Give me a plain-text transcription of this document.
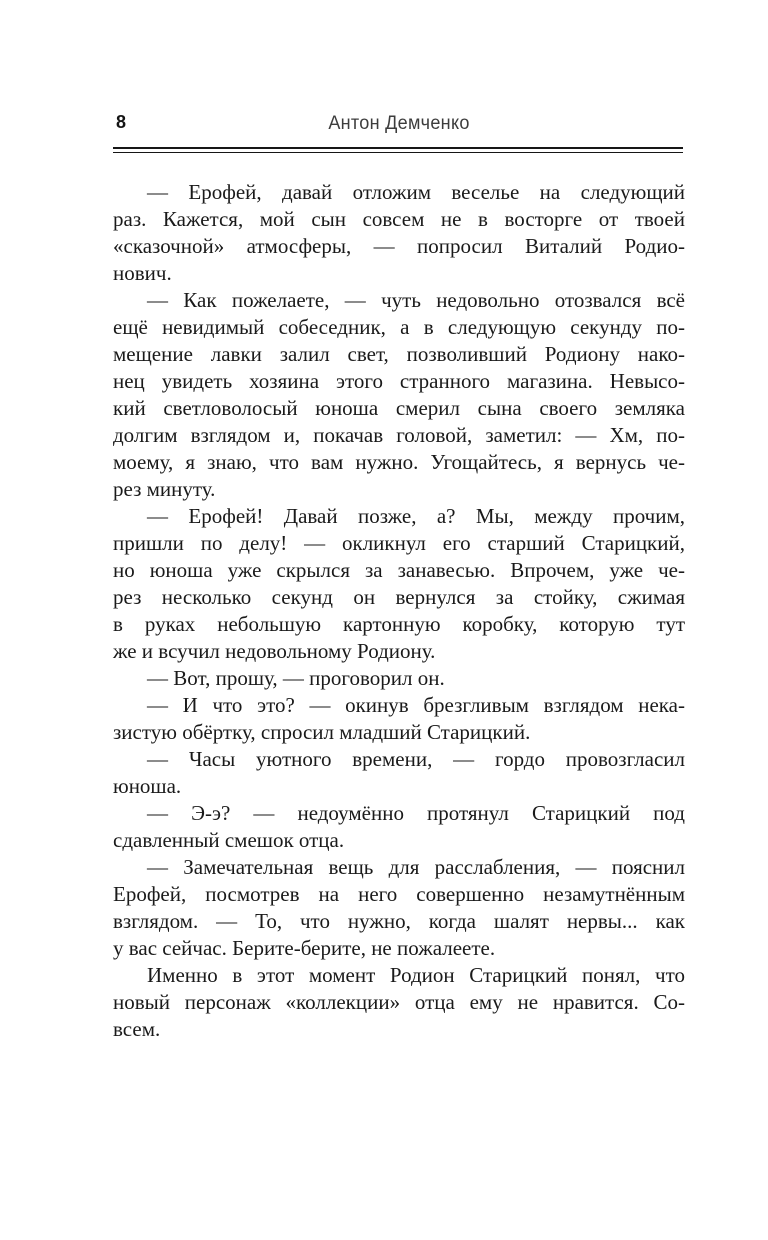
8	Антон Демченко
— Ерофей, давай отложим веселье на следующий
раз. Кажется, мой сын совсем не в восторге от твоей
«сказочной» атмосферы, — попросил Виталий Родио-
нович.
— Как пожелаете, — чуть недовольно отозвался всё
ещё невидимый собеседник, а в следующую секунду по-
мещение лавки залил свет, позволивший Родиону нако-
нец увидеть хозяина этого странного магазина. Невысо-
кий светловолосый юноша смерил сына своего земляка
долгим взглядом и, покачав головой, заметил: — Хм, по-
моему, я знаю, что вам нужно. Угощайтесь, я вернусь че-
рез минуту.
— Ерофей! Давай позже, а? Мы, между прочим,
пришли по делу! — окликнул его старший Старицкий,
но юноша уже скрылся за занавесью. Впрочем, уже че-
рез несколько секунд он вернулся за стойку, сжимая
в руках небольшую картонную коробку, которую тут
же и всучил недовольному Родиону.
— Вот, прошу, — проговорил он.
— И что это? — окинув брезгливым взглядом нека-
зистую обёртку, спросил младший Старицкий.
— Часы уютного времени, — гордо провозгласил
юноша.
— Э-э? — недоумённо протянул Старицкий под
сдавленный смешок отца.
— Замечательная вещь для расслабления, — пояснил
Ерофей, посмотрев на него совершенно незамутнённым
взглядом. — То, что нужно, когда шалят нервы... как
у вас сейчас. Берите-берите, не пожалеете.
Именно в этот момент Родион Старицкий понял, что
новый персонаж «коллекции» отца ему не нравится. Со-
всем.
